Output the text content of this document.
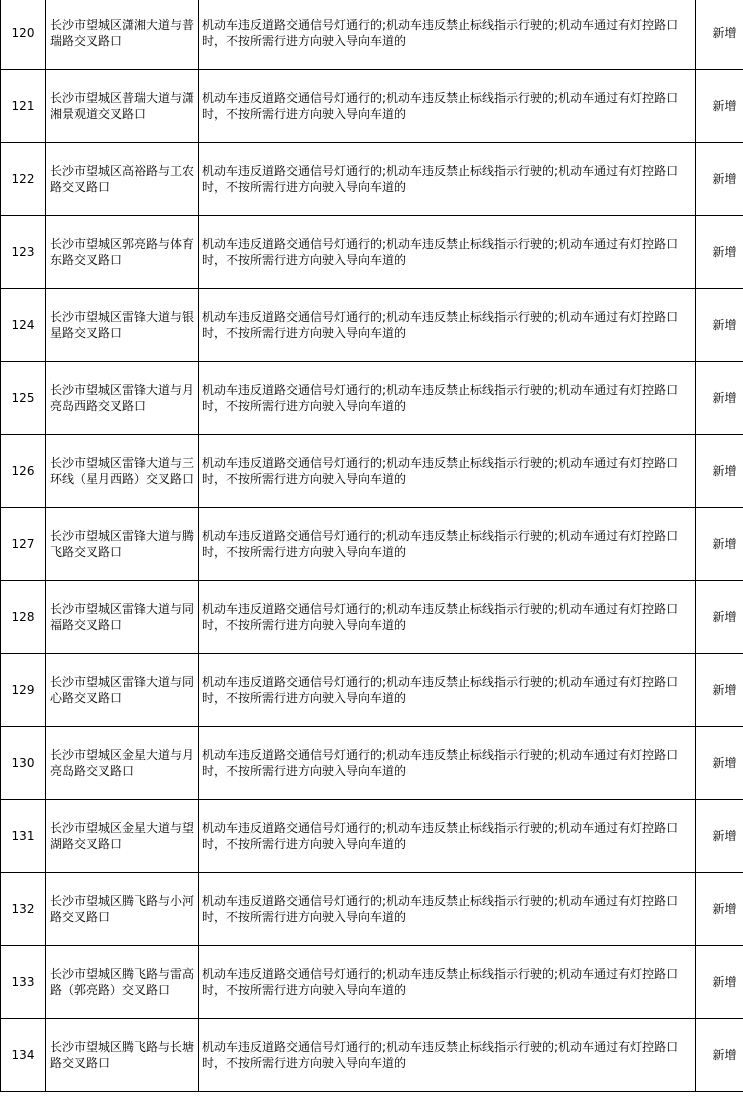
120	长沙市望城区潇湘大道与普瑞路交叉路口	机动车违反道路交通信号灯通行的;机动车违反禁止标线指示行驶的;机动车通过有灯控路口时，不按所需行进方向驶入导向车道的	新增	
121	长沙市望城区普瑞大道与潇湘景观道交叉路口	机动车违反道路交通信号灯通行的;机动车违反禁止标线指示行驶的;机动车通过有灯控路口时，不按所需行进方向驶入导向车道的	新增	
122	长沙市望城区高裕路与工农路交叉路口	机动车违反道路交通信号灯通行的;机动车违反禁止标线指示行驶的;机动车通过有灯控路口时，不按所需行进方向驶入导向车道的	新增	
123	长沙市望城区郭亮路与体育东路交叉路口	机动车违反道路交通信号灯通行的;机动车违反禁止标线指示行驶的;机动车通过有灯控路口时，不按所需行进方向驶入导向车道的	新增	
124	长沙市望城区雷锋大道与银星路交叉路口	机动车违反道路交通信号灯通行的;机动车违反禁止标线指示行驶的;机动车通过有灯控路口时，不按所需行进方向驶入导向车道的	新增	
125	长沙市望城区雷锋大道与月亮岛西路交叉路口	机动车违反道路交通信号灯通行的;机动车违反禁止标线指示行驶的;机动车通过有灯控路口时，不按所需行进方向驶入导向车道的	新增	
126	长沙市望城区雷锋大道与三环线（星月西路）交叉路口	机动车违反道路交通信号灯通行的;机动车违反禁止标线指示行驶的;机动车通过有灯控路口时，不按所需行进方向驶入导向车道的	新增	
127	长沙市望城区雷锋大道与腾飞路交叉路口	机动车违反道路交通信号灯通行的;机动车违反禁止标线指示行驶的;机动车通过有灯控路口时，不按所需行进方向驶入导向车道的	新增	
128	长沙市望城区雷锋大道与同福路交叉路口	机动车违反道路交通信号灯通行的;机动车违反禁止标线指示行驶的;机动车通过有灯控路口时，不按所需行进方向驶入导向车道的	新增	
129	长沙市望城区雷锋大道与同心路交叉路口	机动车违反道路交通信号灯通行的;机动车违反禁止标线指示行驶的;机动车通过有灯控路口时，不按所需行进方向驶入导向车道的	新增	
130	长沙市望城区金星大道与月亮岛路交叉路口	机动车违反道路交通信号灯通行的;机动车违反禁止标线指示行驶的;机动车通过有灯控路口时，不按所需行进方向驶入导向车道的	新增	
131	长沙市望城区金星大道与望湖路交叉路口	机动车违反道路交通信号灯通行的;机动车违反禁止标线指示行驶的;机动车通过有灯控路口时，不按所需行进方向驶入导向车道的	新增	
132	长沙市望城区腾飞路与小河路交叉路口	机动车违反道路交通信号灯通行的;机动车违反禁止标线指示行驶的;机动车通过有灯控路口时，不按所需行进方向驶入导向车道的	新增	
133	长沙市望城区腾飞路与雷高路（郭亮路）交叉路口	机动车违反道路交通信号灯通行的;机动车违反禁止标线指示行驶的;机动车通过有灯控路口时，不按所需行进方向驶入导向车道的	新增	
134	长沙市望城区腾飞路与长塘路交叉路口	机动车违反道路交通信号灯通行的;机动车违反禁止标线指示行驶的;机动车通过有灯控路口时，不按所需行进方向驶入导向车道的	新增	
